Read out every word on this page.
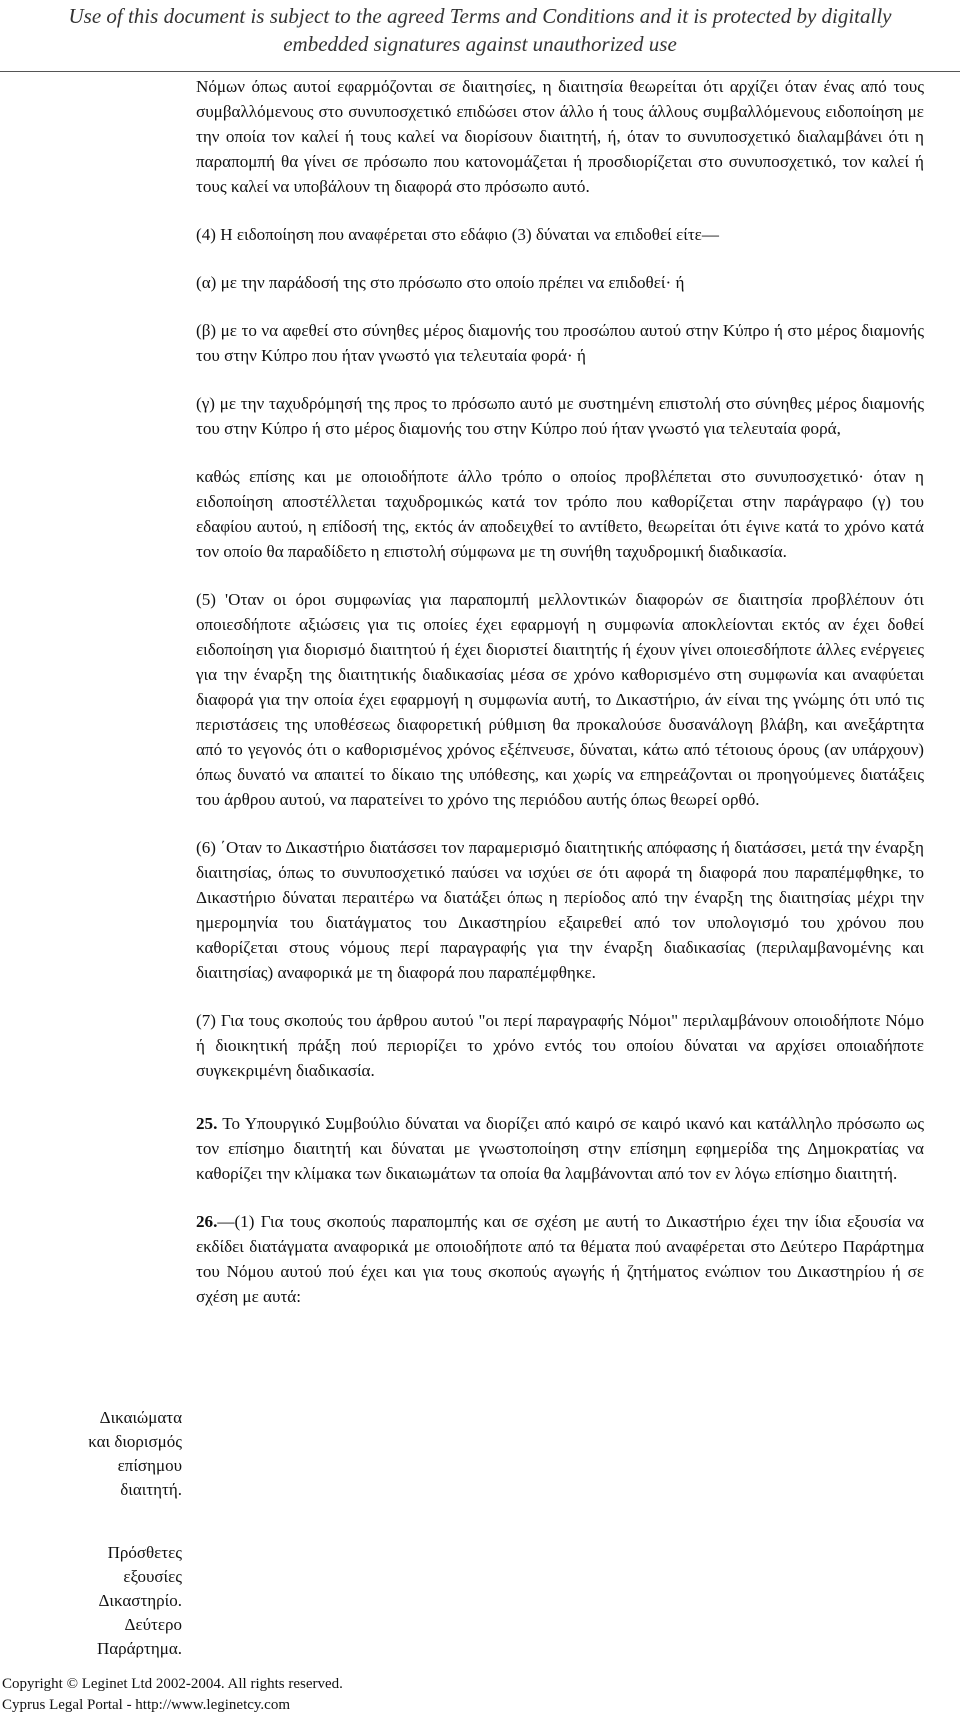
Use of this document is subject to the agreed Terms and Conditions and it is protected by digitally
embedded signatures against unauthorized use

Νόμων όπως αυτοί εφαρμόζονται σε διαιτησίες, η διαιτησία θεωρείται ότι αρχίζει όταν ένας από τους συμβαλλόμενους στο συνυποσχετικό επιδώσει στον άλλο ή τους άλλους συμβαλλόμενους ειδοποίηση με την οποία τον καλεί ή τους καλεί να διορίσουν διαιτητή, ή, όταν το συνυποσχετικό διαλαμβάνει ότι η παραπομπή θα γίνει σε πρόσωπο που κατονομάζεται ή προσδιορίζεται στο συνυποσχετικό, τον καλεί ή τους καλεί να υποβάλουν τη διαφορά στο πρόσωπο αυτό.

(4) Η ειδοποίηση που αναφέρεται στο εδάφιο (3) δύναται να επιδοθεί είτε—

(α) με την παράδοσή της στο πρόσωπο στο οποίο πρέπει να επιδοθεί· ή

(β) με το να αφεθεί στο σύνηθες μέρος διαμονής του προσώπου αυτού στην Κύπρο ή στο μέρος διαμονής του στην Κύπρο που ήταν γνωστό για τελευταία φορά· ή

(γ) με την ταχυδρόμησή της προς το πρόσωπο αυτό με συστημένη επιστολή στο σύνηθες μέρος διαμονής του στην Κύπρο ή στο μέρος διαμονής του στην Κύπρο πού ήταν γνωστό για τελευταία φορά,

καθώς επίσης και με οποιοδήποτε άλλο τρόπο ο οποίος προβλέπεται στο συνυποσχετικό· όταν η ειδοποίηση αποστέλλεται ταχυδρομικώς κατά τον τρόπο που καθορίζεται στην παράγραφο (γ) του εδαφίου αυτού, η επίδοσή της, εκτός άν αποδειχθεί το αντίθετο, θεωρείται ότι έγινε κατά το χρόνο κατά τον οποίο θα παραδίδετο η επιστολή σύμφωνα με τη συνήθη ταχυδρομική διαδικασία.

(5) 'Οταν οι όροι συμφωνίας για παραπομπή μελλοντικών διαφορών σε διαιτησία προβλέπουν ότι οποιεσδήποτε αξιώσεις για τις οποίες έχει εφαρμογή η συμφωνία αποκλείονται εκτός αν έχει δοθεί ειδοποίηση για διορισμό διαιτητού ή έχει διοριστεί διαιτητής ή έχουν γίνει οποιεσδήποτε άλλες ενέργειες για την έναρξη της διαιτητικής διαδικασίας μέσα σε χρόνο καθορισμένο στη συμφωνία και αναφύεται διαφορά για την οποία έχει εφαρμογή η συμφωνία αυτή, το Δικαστήριο, άν είναι της γνώμης ότι υπό τις περιστάσεις της υποθέσεως διαφορετική ρύθμιση θα προκαλούσε δυσανάλογη βλάβη, και ανεξάρτητα από το γεγονός ότι ο καθορισμένος χρόνος εξέπνευσε, δύναται, κάτω από τέτοιους όρους (αν υπάρχουν) όπως δυνατό να απαιτεί το δίκαιο της υπόθεσης, και χωρίς να επηρεάζονται οι προηγούμενες διατάξεις του άρθρου αυτού, να παρατείνει το χρόνο της περιόδου αυτής όπως θεωρεί ορθό.

(6) ΄Οταν το Δικαστήριο διατάσσει τον παραμερισμό διαιτητικής απόφασης ή διατάσσει, μετά την έναρξη διαιτησίας, όπως το συνυποσχετικό παύσει να ισχύει σε ότι αφορά τη διαφορά που παραπέμφθηκε, το Δικαστήριο δύναται περαιτέρω να διατάξει όπως η περίοδος από την έναρξη της διαιτησίας μέχρι την ημερομηνία του διατάγματος του Δικαστηρίου εξαιρεθεί από τον υπολογισμό του χρόνου που καθορίζεται στους νόμους περί παραγραφής για την έναρξη διαδικασίας (περιλαμβανομένης και διαιτησίας) αναφορικά με τη διαφορά που παραπέμφθηκε.

(7) Για τους σκοπούς του άρθρου αυτού "οι περί παραγραφής Νόμοι" περιλαμβάνουν οποιοδήποτε Νόμο ή διοικητική πράξη πού περιορίζει το χρόνο εντός του οποίου δύναται να αρχίσει οποιαδήποτε συγκεκριμένη διαδικασία.

25. Το Υπουργικό Συμβούλιο δύναται να διορίζει από καιρό σε καιρό ικανό και κατάλληλο πρόσωπο ως τον επίσημο διαιτητή και δύναται με γνωστοποίηση στην επίσημη εφημερίδα της Δημοκρατίας να καθορίζει την κλίμακα των δικαιωμάτων τα οποία θα λαμβάνονται από τον εν λόγω επίσημο διαιτητή.

26.—(1) Για τους σκοπούς παραπομπής και σε σχέση με αυτή το Δικαστήριο έχει την ίδια εξουσία να εκδίδει διατάγματα αναφορικά με οποιοδήποτε από τα θέματα πού αναφέρεται στο Δεύτερο Παράρτημα του Νόμου αυτού πού έχει και για τους σκοπούς αγωγής ή ζητήματος ενώπιον του Δικαστηρίου ή σε σχέση με αυτά:

Δικαιώματα
και διορισμός
επίσημου
διαιτητή.
Πρόσθετες
εξουσίες
Δικαστηρίο.
Δεύτερο
Παράρτημα.
Copyright © Leginet Ltd 2002-2004. All rights reserved.
Cyprus Legal Portal - http://www.leginetcy.com
